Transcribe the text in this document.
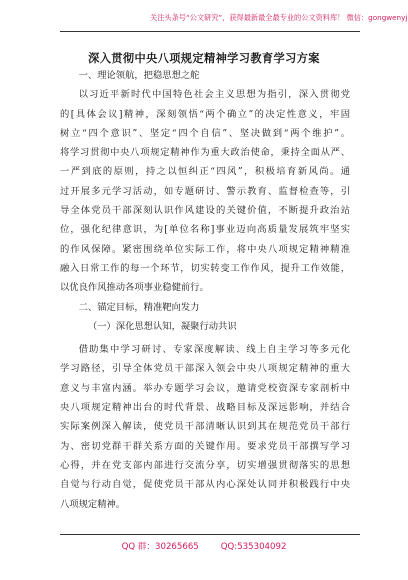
关注头条号“公文研究”，获得最新最全最专业的公文资料库！ 微信：gongwenyj
深入贯彻中央八项规定精神学习教育学习方案
一、理论领航，把稳思想之舵
以习近平新时代中国特色社会主义思想为指引，深入贯彻党
的[具体会议]精神，深刻领悟“两个确立”的决定性意义，牢固
树立“四个意识”、坚定“四个自信”、坚决做到“两个维护”。
将学习贯彻中央八项规定精神作为重大政治使命，秉持全面从严、
一严到底的原则，持之以恒纠正“四风”，积极培育新风尚。通
过开展多元学习活动，如专题研讨、警示教育、监督检查等，引
导全体党员干部深刻认识作风建设的关键价值，不断提升政治站
位，强化纪律意识，为[单位名称]事业迈向高质量发展筑牢坚实
的作风保障。紧密围绕单位实际工作，将中央八项规定精神精准
融入日常工作的每一个环节，切实转变工作作风，提升工作效能，
以优良作风推动各项事业稳健前行。
二、锚定目标，精准靶向发力
（一）深化思想认知，凝聚行动共识
借助集中学习研讨、专家深度解读、线上自主学习等多元化
学习路径，引导全体党员干部深入领会中央八项规定精神的重大
意义与丰富内涵。举办专题学习会议，邀请党校资深专家剖析中
央八项规定精神出台的时代背景、战略目标及深远影响，并结合
实际案例深入解读，使党员干部清晰认识到其在规范党员干部行
为、密切党群干群关系方面的关键作用。要求党员干部撰写学习
心得，并在党支部内部进行交流分享，切实增强贯彻落实的思想
自觉与行动自觉，促使党员干部从内心深处认同并积极践行中央
八项规定精神。
QQ 群：30265665	QQ:535304092
